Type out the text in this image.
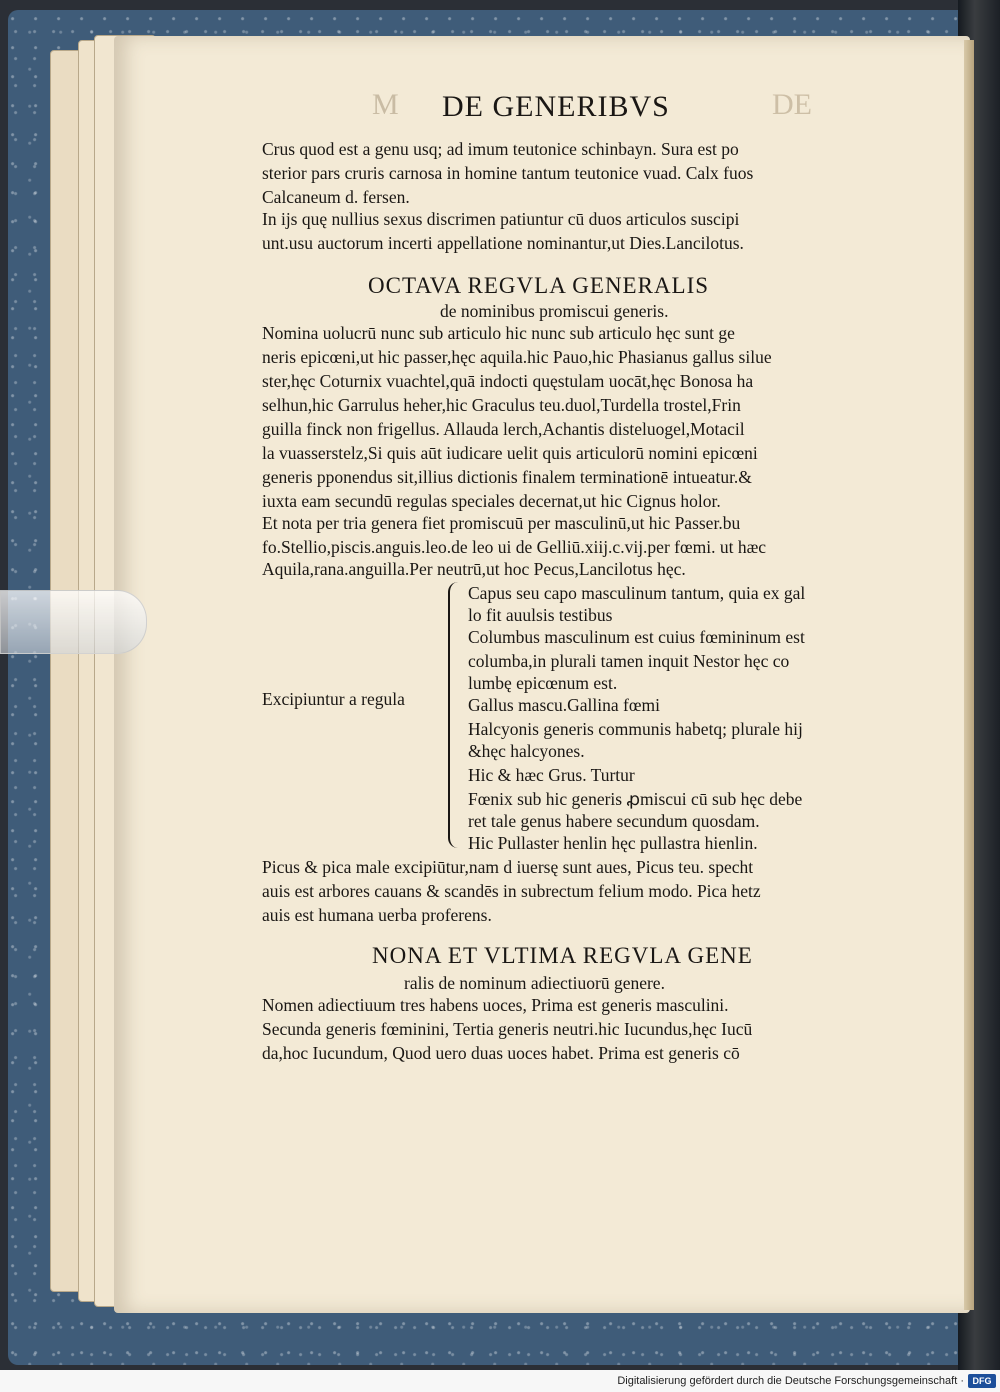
M DE GENERIBVS	DE
Crus quod est a genu usq; ad imum teutonice schinbayn. Sura est po
sterior pars cruris carnosa in homine tantum teutonice vuad. Calx fuos
Calcaneum d. fersen.
In ijs quę nullius sexus discrimen patiuntur cū duos articulos suscipi
unt.usu auctorum incerti appellatione nominantur,ut Dies.Lancilotus.
OCTAVA REGVLA GENERALIS
de nominibus promiscui generis.
Nomina uolucrū nunc sub articulo hic nunc sub articulo hęc sunt ge
neris epicœni,ut hic passer,hęc aquila.hic Pauo,hic Phasianus gallus silue
ster,hęc Coturnix vuachtel,quā indocti quęstulam uocāt,hęc Bonosa ha
selhun,hic Garrulus heher,hic Graculus teu.duol,Turdella trostel,Frin
guilla finck non frigellus. Allauda lerch,Achantis disteluogel,Motacil
la vuasserstelz,Si quis aūt iudicare uelit quis articulorū nomini epicœni
generis pponendus sit,illius dictionis finalem terminationē intueatur.&
iuxta eam secundū regulas speciales decernat,ut hic Cignus holor.
Et nota per tria genera fiet promiscuū per masculinū,ut hic Passer.bu
fo.Stellio,piscis.anguis.leo.de leo ui de Gelliū.xiij.c.vij.per fœmi. ut hæc
Aquila,rana.anguilla.Per neutrū,ut hoc Pecus,Lancilotus hęc.
Excipiuntur a regula
Capus seu capo masculinum tantum, quia ex gal
lo fit auulsis testibus
Columbus masculinum est cuius fœmininum est
columba,in plurali tamen inquit Nestor hęc co
lumbę epicœnum est.
Gallus mascu.Gallina fœmi
Halcyonis generis communis habetq; plurale hij
&hęc halcyones.
Hic & hæc Grus. Turtur
Fœnix sub hic generis ꝓmiscui cū sub hęc debe
ret tale genus habere secundum quosdam.
Hic Pullaster henlin hęc pullastra hienlin.
Picus & pica male excipiūtur,nam d iuersę sunt aues, Picus teu. specht
auis est arbores cauans & scandēs in subrectum felium modo. Pica hetz
auis est humana uerba proferens.
NONA ET VLTIMA REGVLA GENE
ralis de nominum adiectiuorū genere.
Nomen adiectiuum tres habens uoces, Prima est generis masculini.
Secunda generis fœminini, Tertia generis neutri.hic Iucundus,hęc Iucū
da,hoc Iucundum, Quod uero duas uoces habet. Prima est generis cō
Digitalisierung gefördert durch die Deutsche Forschungsgemeinschaft · DFG
